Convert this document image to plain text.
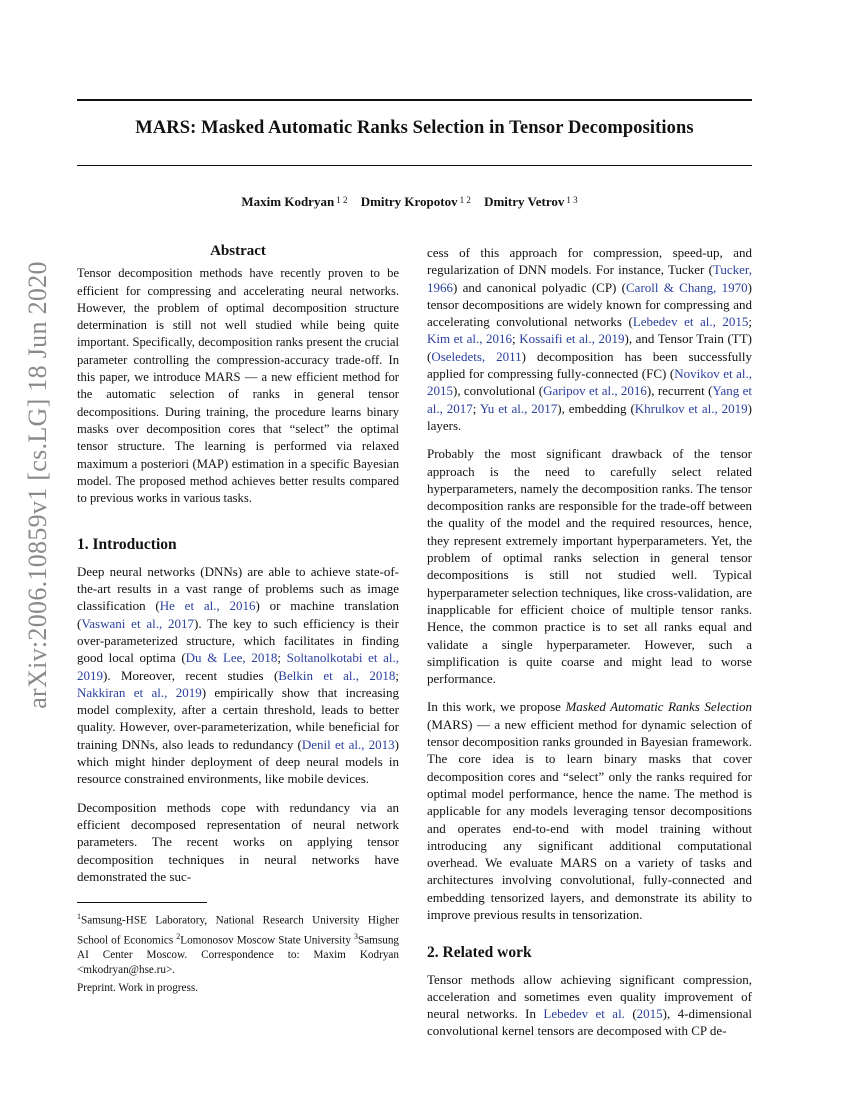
arXiv:2006.10859v1 [cs.LG] 18 Jun 2020
MARS: Masked Automatic Ranks Selection in Tensor Decompositions
Maxim Kodryan $^{1 2}$ Dmitry Kropotov $^{1 2}$ Dmitry Vetrov $^{1 3}$
Abstract

Tensor decomposition methods have recently proven to be efficient for compressing and accelerating neural networks. However, the problem of optimal decomposition structure determination is still not well studied while being quite important. Specifically, decomposition ranks present the crucial parameter controlling the compression-accuracy trade-off. In this paper, we introduce MARS — a new efficient method for the automatic selection of ranks in general tensor decompositions. During training, the procedure learns binary masks over decomposition cores that “select” the optimal tensor structure. The learning is performed via relaxed maximum a posteriori (MAP) estimation in a specific Bayesian model. The proposed method achieves better results compared to previous works in various tasks.

1. Introduction

Deep neural networks (DNNs) are able to achieve state-of-the-art results in a vast range of problems such as image classification (He et al., 2016) or machine translation (Vaswani et al., 2017). The key to such efficiency is their over-parameterized structure, which facilitates in finding good local optima (Du & Lee, 2018; Soltanolkotabi et al., 2019). Moreover, recent studies (Belkin et al., 2018; Nakkiran et al., 2019) empirically show that increasing model complexity, after a certain threshold, leads to better quality. However, over-parameterization, while beneficial for training DNNs, also leads to redundancy (Denil et al., 2013) which might hinder deployment of deep neural models in resource constrained environments, like mobile devices.

Decomposition methods cope with redundancy via an efficient decomposed representation of neural network parameters. The recent works on applying tensor decomposition techniques in neural networks have demonstrated the suc-

$^1$Samsung-HSE Laboratory, National Research University Higher School of Economics $^2$Lomonosov Moscow State University $^3$Samsung AI Center Moscow. Correspondence to: Maxim Kodryan <mkodryan@hse.ru>.
Preprint. Work in progress.

cess of this approach for compression, speed-up, and regularization of DNN models. For instance, Tucker (Tucker, 1966) and canonical polyadic (CP) (Caroll & Chang, 1970) tensor decompositions are widely known for compressing and accelerating convolutional networks (Lebedev et al., 2015; Kim et al., 2016; Kossaifi et al., 2019), and Tensor Train (TT) (Oseledets, 2011) decomposition has been successfully applied for compressing fully-connected (FC) (Novikov et al., 2015), convolutional (Garipov et al., 2016), recurrent (Yang et al., 2017; Yu et al., 2017), embedding (Khrulkov et al., 2019) layers.

Probably the most significant drawback of the tensor approach is the need to carefully select related hyperparameters, namely the decomposition ranks. The tensor decomposition ranks are responsible for the trade-off between the quality of the model and the required resources, hence, they represent extremely important hyperparameters. Yet, the problem of optimal ranks selection in general tensor decompositions is still not studied well. Typical hyperparameter selection techniques, like cross-validation, are inapplicable for efficient choice of multiple tensor ranks. Hence, the common practice is to set all ranks equal and validate a single hyperparameter. However, such a simplification is quite coarse and might lead to worse performance.

In this work, we propose Masked Automatic Ranks Selection (MARS) — a new efficient method for dynamic selection of tensor decomposition ranks grounded in Bayesian framework. The core idea is to learn binary masks that cover decomposition cores and “select” only the ranks required for optimal model performance, hence the name. The method is applicable for any models leveraging tensor decompositions and operates end-to-end with model training without introducing any significant additional computational overhead. We evaluate MARS on a variety of tasks and architectures involving convolutional, fully-connected and embedding tensorized layers, and demonstrate its ability to improve previous results in tensorization.

2. Related work

Tensor methods allow achieving significant compression, acceleration and sometimes even quality improvement of neural networks. In Lebedev et al. (2015), 4-dimensional convolutional kernel tensors are decomposed with CP de-
